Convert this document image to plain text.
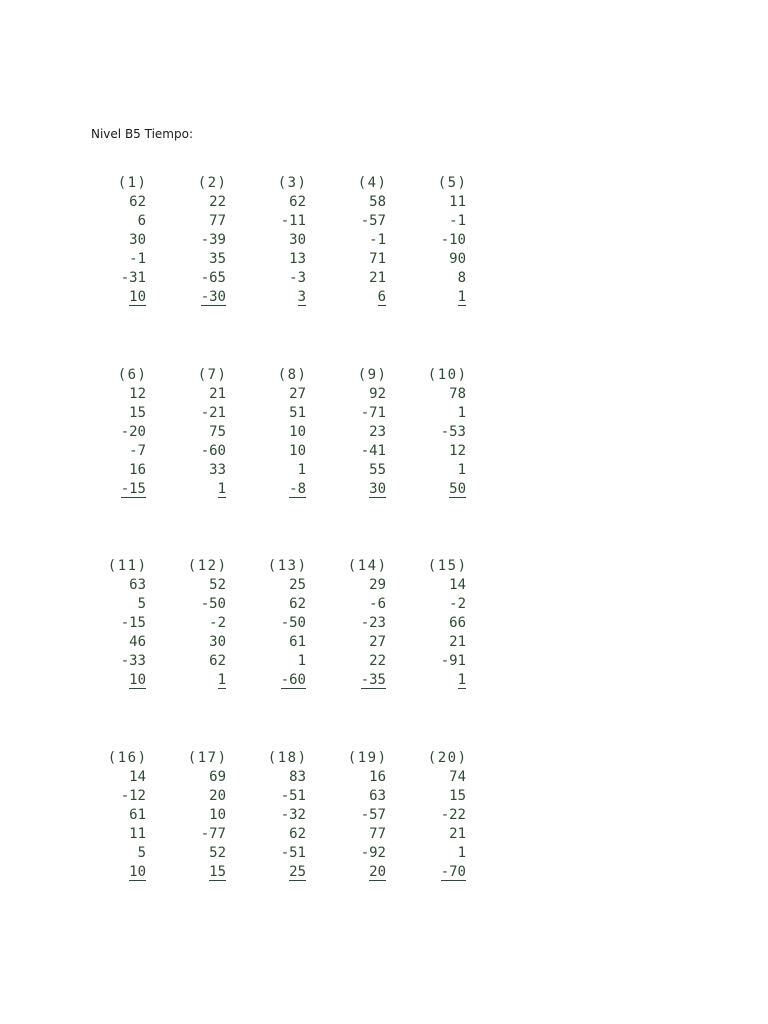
Nivel B5 Tiempo:
(1)
62
6
30
-1
-31
10
(2)
22
77
-39
35
-65
-30
(3)
62
-11
30
13
-3
3
(4)
58
-57
-1
71
21
6
(5)
11
-1
-10
90
8
1
(6)
12
15
-20
-7
16
-15
(7)
21
-21
75
-60
33
1
(8)
27
51
10
10
1
-8
(9)
92
-71
23
-41
55
30
(10)
78
1
-53
12
1
50
(11)
63
5
-15
46
-33
10
(12)
52
-50
-2
30
62
1
(13)
25
62
-50
61
1
-60
(14)
29
-6
-23
27
22
-35
(15)
14
-2
66
21
-91
1
(16)
14
-12
61
11
5
10
(17)
69
20
10
-77
52
15
(18)
83
-51
-32
62
-51
25
(19)
16
63
-57
77
-92
20
(20)
74
15
-22
21
1
-70
